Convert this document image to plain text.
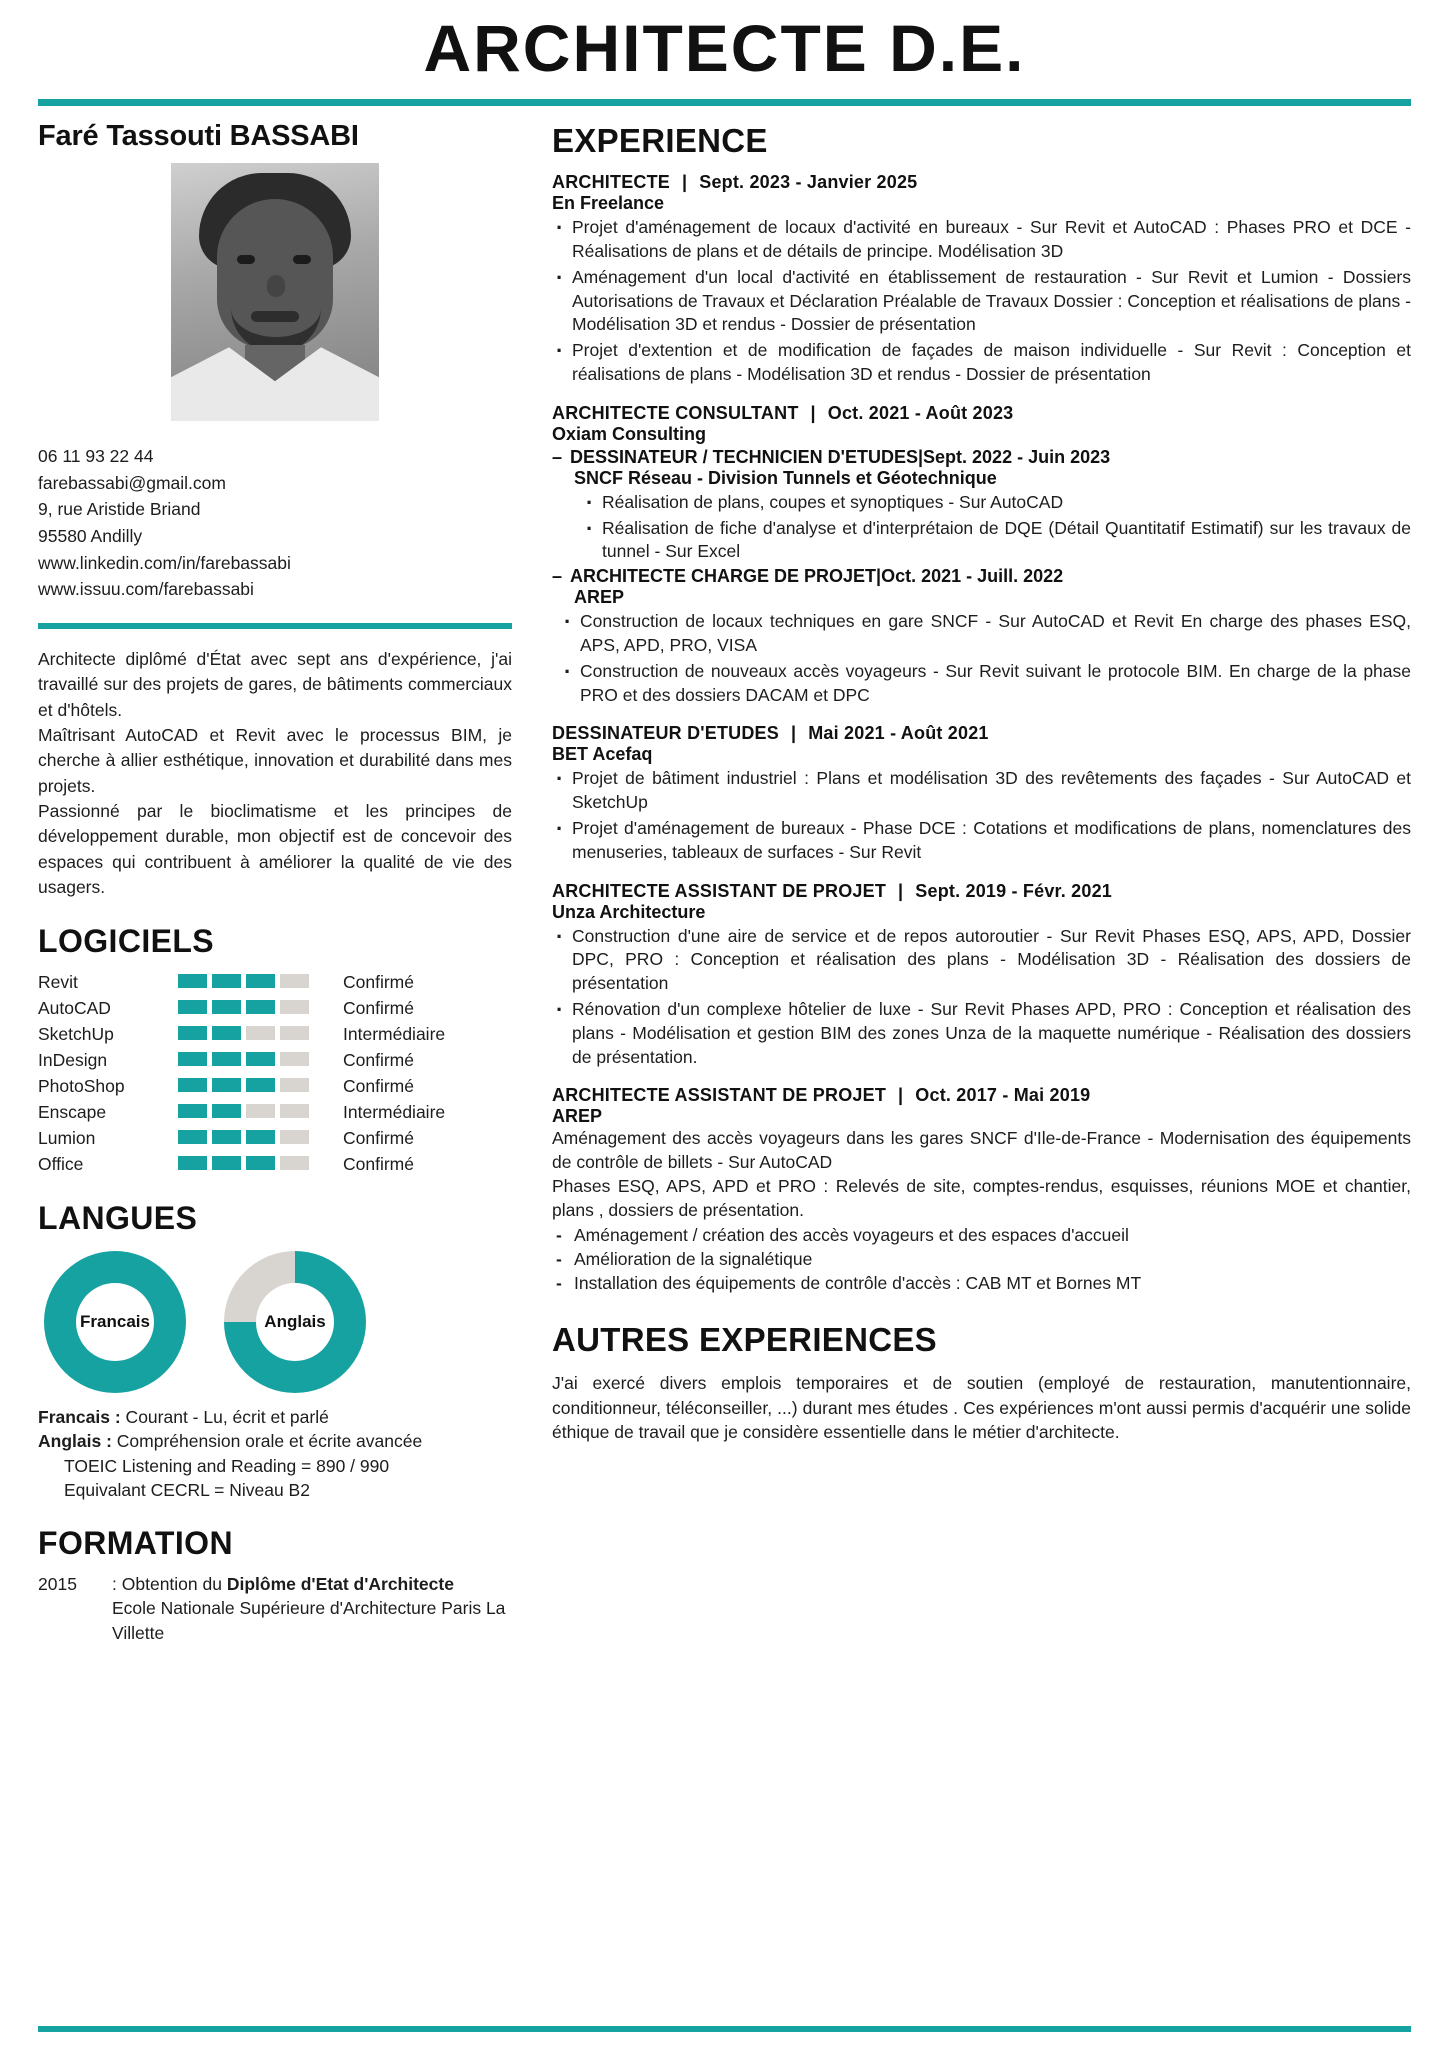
ARCHITECTE D.E.
Faré Tassouti BASSABI
06 11 93 22 44
farebassabi@gmail.com
9, rue Aristide Briand
95580 Andilly
www.linkedin.com/in/farebassabi
www.issuu.com/farebassabi

Architecte diplômé d'État avec sept ans d'expérience, j'ai travaillé sur des projets de gares, de bâtiments commerciaux et d'hôtels.

Maîtrisant AutoCAD et Revit avec le processus BIM, je cherche à allier esthétique, innovation et durabilité dans mes projets.

Passionné par le bioclimatisme et les principes de développement durable, mon objectif est de concevoir des espaces qui contribuent à améliorer la qualité de vie des usagers.

LOGICIELS
Revit		Confirmé
AutoCAD		Confirmé
SketchUp		Intermédiaire
InDesign		Confirmé
PhotoShop		Confirmé
Enscape		Intermédiaire
Lumion		Confirmé
Office		Confirmé
LANGUES
Francais	Anglais
Francais : Courant - Lu, écrit et parlé
Anglais : Compréhension orale et écrite avancée
TOEIC Listening and Reading = 890 / 990
Equivalant CECRL = Niveau B2
FORMATION
2015	: Obtention du Diplôme d'Etat d'Architecte
Ecole Nationale Supérieure d'Architecture Paris La Villette
EXPERIENCE
ARCHITECTE | Sept. 2023 - Janvier 2025
En Freelance
· Projet d'aménagement de locaux d'activité en bureaux - Sur Revit et AutoCAD : Phases PRO et DCE - Réalisations de plans et de détails de principe. Modélisation 3D
· Aménagement d'un local d'activité en établissement de restauration - Sur Revit et Lumion - Dossiers Autorisations de Travaux et Déclaration Préalable de Travaux Dossier : Conception et réalisations de plans - Modélisation 3D et rendus - Dossier de présentation
· Projet d'extention et de modification de façades de maison individuelle - Sur Revit : Conception et réalisations de plans - Modélisation 3D et rendus - Dossier de présentation
ARCHITECTE CONSULTANT | Oct. 2021 - Août 2023
Oxiam Consulting
– DESSINATEUR / TECHNICIEN D'ETUDES|Sept. 2022 - Juin 2023
SNCF Réseau - Division Tunnels et Géotechnique
· Réalisation de plans, coupes et synoptiques - Sur AutoCAD
· Réalisation de fiche d'analyse et d'interprétaion de DQE (Détail Quantitatif Estimatif) sur les travaux de tunnel - Sur Excel
– ARCHITECTE CHARGE DE PROJET|Oct. 2021 - Juill. 2022
AREP
· Construction de locaux techniques en gare SNCF - Sur AutoCAD et Revit En charge des phases ESQ, APS, APD, PRO, VISA
· Construction de nouveaux accès voyageurs - Sur Revit suivant le protocole BIM. En charge de la phase PRO et des dossiers DACAM et DPC
DESSINATEUR D'ETUDES | Mai 2021 - Août 2021
BET Acefaq
· Projet de bâtiment industriel : Plans et modélisation 3D des revêtements des façades - Sur AutoCAD et SketchUp
· Projet d'aménagement de bureaux - Phase DCE : Cotations et modifications de plans, nomenclatures des menuseries, tableaux de surfaces - Sur Revit
ARCHITECTE ASSISTANT DE PROJET | Sept. 2019 - Févr. 2021
Unza Architecture
· Construction d'une aire de service et de repos autoroutier - Sur Revit Phases ESQ, APS, APD, Dossier DPC, PRO : Conception et réalisation des plans - Modélisation 3D - Réalisation des dossiers de présentation
· Rénovation d'un complexe hôtelier de luxe - Sur Revit Phases APD, PRO : Conception et réalisation des plans - Modélisation et gestion BIM des zones Unza de la maquette numérique - Réalisation des dossiers de présentation.
ARCHITECTE ASSISTANT DE PROJET | Oct. 2017 - Mai 2019
AREP
Aménagement des accès voyageurs dans les gares SNCF d'Ile-de-France - Modernisation des équipements de contrôle de billets - Sur AutoCAD
Phases ESQ, APS, APD et PRO : Relevés de site, comptes-rendus, esquisses, réunions MOE et chantier, plans , dossiers de présentation.
- Aménagement / création des accès voyageurs et des espaces d'accueil
- Amélioration de la signalétique
- Installation des équipements de contrôle d'accès : CAB MT et Bornes MT
AUTRES EXPERIENCES

J'ai exercé divers emplois temporaires et de soutien (employé de restauration, manutentionnaire, conditionneur, téléconseiller, ...) durant mes études . Ces expériences m'ont aussi permis d'acquérir une solide éthique de travail que je considère essentielle dans le métier d'architecte.
